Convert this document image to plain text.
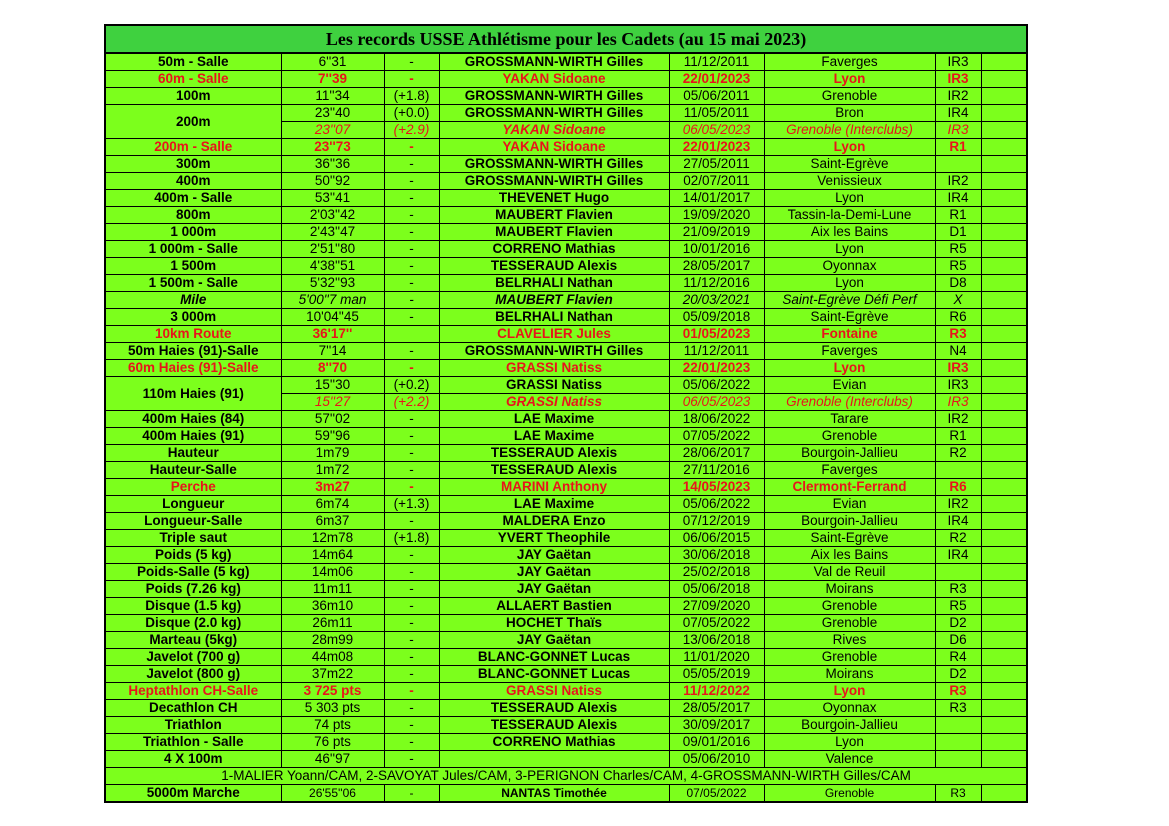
Les records USSE Athlétisme pour les Cadets (au 15 mai 2023)							
50m - Salle	6''31	-	GROSSMANN-WIRTH Gilles	11/12/2011	Faverges	IR3	
60m - Salle	7''39	-	YAKAN Sidoane	22/01/2023	Lyon	IR3	
100m	11''34	(+1.8)	GROSSMANN-WIRTH Gilles	05/06/2011	Grenoble	IR2	
200m	23''40	(+0.0)	GROSSMANN-WIRTH Gilles	11/05/2011	Bron	IR4	
	23''07	(+2.9)	YAKAN Sidoane	06/05/2023	Grenoble (Interclubs)	IR3	
200m - Salle	23''73	-	YAKAN Sidoane	22/01/2023	Lyon	R1	
300m	36''36	-	GROSSMANN-WIRTH Gilles	27/05/2011	Saint-Egrève		
400m	50''92	-	GROSSMANN-WIRTH Gilles	02/07/2011	Venissieux	IR2	
400m - Salle	53''41	-	THEVENET Hugo	14/01/2017	Lyon	IR4	
800m	2'03''42	-	MAUBERT Flavien	19/09/2020	Tassin-la-Demi-Lune	R1	
1 000m	2'43''47	-	MAUBERT Flavien	21/09/2019	Aix les Bains	D1	
1 000m - Salle	2'51''80	-	CORRENO Mathias	10/01/2016	Lyon	R5	
1 500m	4'38''51	-	TESSERAUD Alexis	28/05/2017	Oyonnax	R5	
1 500m - Salle	5'32''93	-	BELRHALI Nathan	11/12/2016	Lyon	D8	
Mile	5'00''7 man	-	MAUBERT Flavien	20/03/2021	Saint-Egrève Défi Perf	X	
3 000m	10'04''45	-	BELRHALI Nathan	05/09/2018	Saint-Egrève	R6	
10km Route	36'17''		CLAVELIER Jules	01/05/2023	Fontaine	R3	
50m Haies (91)-Salle	7''14	-	GROSSMANN-WIRTH Gilles	11/12/2011	Faverges	N4	
60m Haies (91)-Salle	8''70	-	GRASSI Natiss	22/01/2023	Lyon	IR3	
110m Haies (91)	15''30	(+0.2)	GRASSI Natiss	05/06/2022	Evian	IR3	
	15''27	(+2.2)	GRASSI Natiss	06/05/2023	Grenoble (Interclubs)	IR3	
400m Haies (84)	57''02	-	LAE Maxime	18/06/2022	Tarare	IR2	
400m Haies (91)	59''96	-	LAE Maxime	07/05/2022	Grenoble	R1	
Hauteur	1m79	-	TESSERAUD Alexis	28/06/2017	Bourgoin-Jallieu	R2	
Hauteur-Salle	1m72	-	TESSERAUD Alexis	27/11/2016	Faverges		
Perche	3m27	-	MARINI Anthony	14/05/2023	Clermont-Ferrand	R6	
Longueur	6m74	(+1.3)	LAE Maxime	05/06/2022	Evian	IR2	
Longueur-Salle	6m37	-	MALDERA Enzo	07/12/2019	Bourgoin-Jallieu	IR4	
Triple saut	12m78	(+1.8)	YVERT Theophile	06/06/2015	Saint-Egrève	R2	
Poids (5 kg)	14m64	-	JAY Gaëtan	30/06/2018	Aix les Bains	IR4	
Poids-Salle (5 kg)	14m06	-	JAY Gaëtan	25/02/2018	Val de Reuil		
Poids (7.26 kg)	11m11	-	JAY Gaëtan	05/06/2018	Moirans	R3	
Disque (1.5 kg)	36m10	-	ALLAERT Bastien	27/09/2020	Grenoble	R5	
Disque (2.0 kg)	26m11	-	HOCHET Thaïs	07/05/2022	Grenoble	D2	
Marteau (5kg)	28m99	-	JAY Gaëtan	13/06/2018	Rives	D6	
Javelot (700 g)	44m08	-	BLANC-GONNET Lucas	11/01/2020	Grenoble	R4	
Javelot (800 g)	37m22	-	BLANC-GONNET Lucas	05/05/2019	Moirans	D2	
Heptathlon CH-Salle	3 725 pts	-	GRASSI Natiss	11/12/2022	Lyon	R3	
Decathlon CH	5 303 pts	-	TESSERAUD Alexis	28/05/2017	Oyonnax	R3	
Triathlon	74 pts	-	TESSERAUD Alexis	30/09/2017	Bourgoin-Jallieu		
Triathlon - Salle	76 pts	-	CORRENO Mathias	09/01/2016	Lyon		
4 X 100m	46''97	-		05/06/2010	Valence		
1-MALIER Yoann/CAM, 2-SAVOYAT Jules/CAM, 3-PERIGNON Charles/CAM, 4-GROSSMANN-WIRTH Gilles/CAM							
5000m Marche	26'55''06	-	NANTAS Timothée	07/05/2022	Grenoble	R3	
